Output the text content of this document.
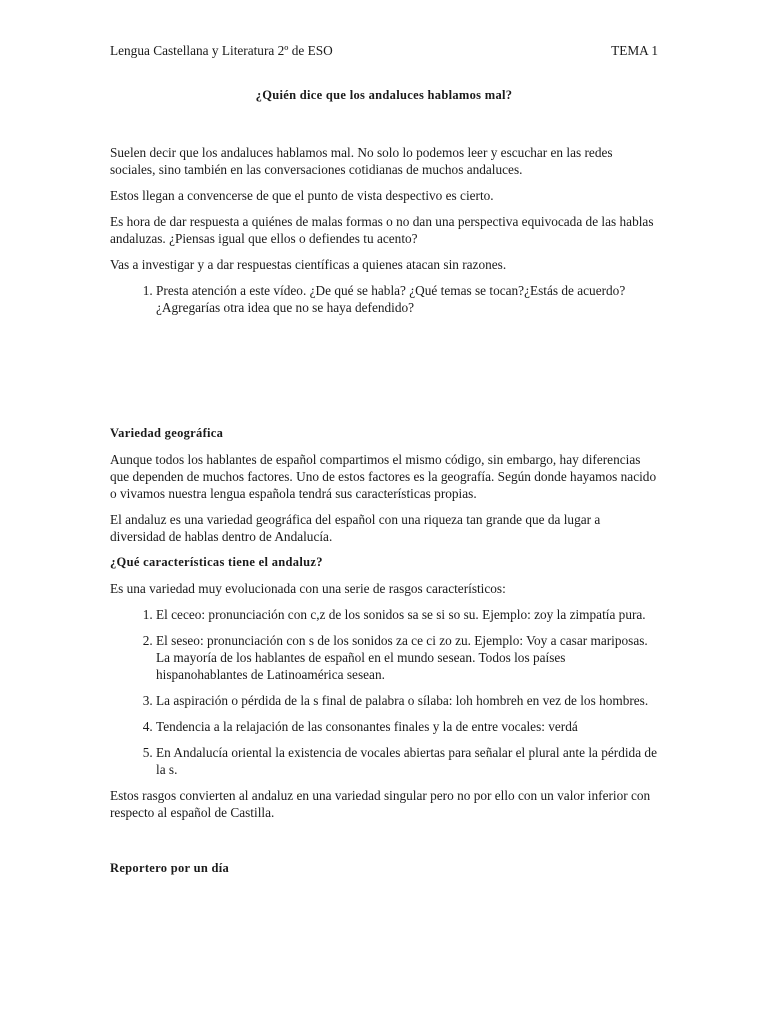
Lengua Castellana y Literatura 2º de ESO	TEMA 1
¿Quién dice que los andaluces hablamos mal?

Suelen decir que los andaluces hablamos mal. No solo lo podemos leer y escuchar en las redes sociales, sino también en las conversaciones cotidianas de muchos andaluces.

Estos llegan a convencerse de que el punto de vista despectivo es cierto.

Es hora de dar respuesta a quiénes de malas formas o no dan una perspectiva equivocada de las hablas andaluzas. ¿Piensas igual que ellos o defiendes tu acento?

Vas a investigar y a dar respuestas científicas a quienes atacan sin razones.

1. Presta atención a este vídeo. ¿De qué se habla? ¿Qué temas se tocan?¿Estás de acuerdo? ¿Agregarías otra idea que no se haya defendido?
Variedad geográfica

Aunque todos los hablantes de español compartimos el mismo código, sin embargo, hay diferencias que dependen de muchos factores. Uno de estos factores es la geografía. Según donde hayamos nacido o vivamos nuestra lengua española tendrá sus características propias.

El andaluz es una variedad geográfica del español con una riqueza tan grande que da lugar a diversidad de hablas dentro de Andalucía.

¿Qué características tiene el andaluz?

Es una variedad muy evolucionada con una serie de rasgos característicos:

1. El ceceo: pronunciación con c,z de los sonidos sa se si so su. Ejemplo: zoy la zimpatía pura.
2. El seseo: pronunciación con s de los sonidos za ce ci zo zu. Ejemplo: Voy a casar mariposas. La mayoría de los hablantes de español en el mundo sesean. Todos los países hispanohablantes de Latinoamérica sesean.
3. La aspiración o pérdida de la s final de palabra o sílaba: loh hombreh en vez de los hombres.
4. Tendencia a la relajación de las consonantes finales y la de entre vocales: verdá
5. En Andalucía oriental la existencia de vocales abiertas para señalar el plural ante la pérdida de la s.

Estos rasgos convierten al andaluz en una variedad singular pero no por ello con un valor inferior con respecto al español de Castilla.

Reportero por un día
